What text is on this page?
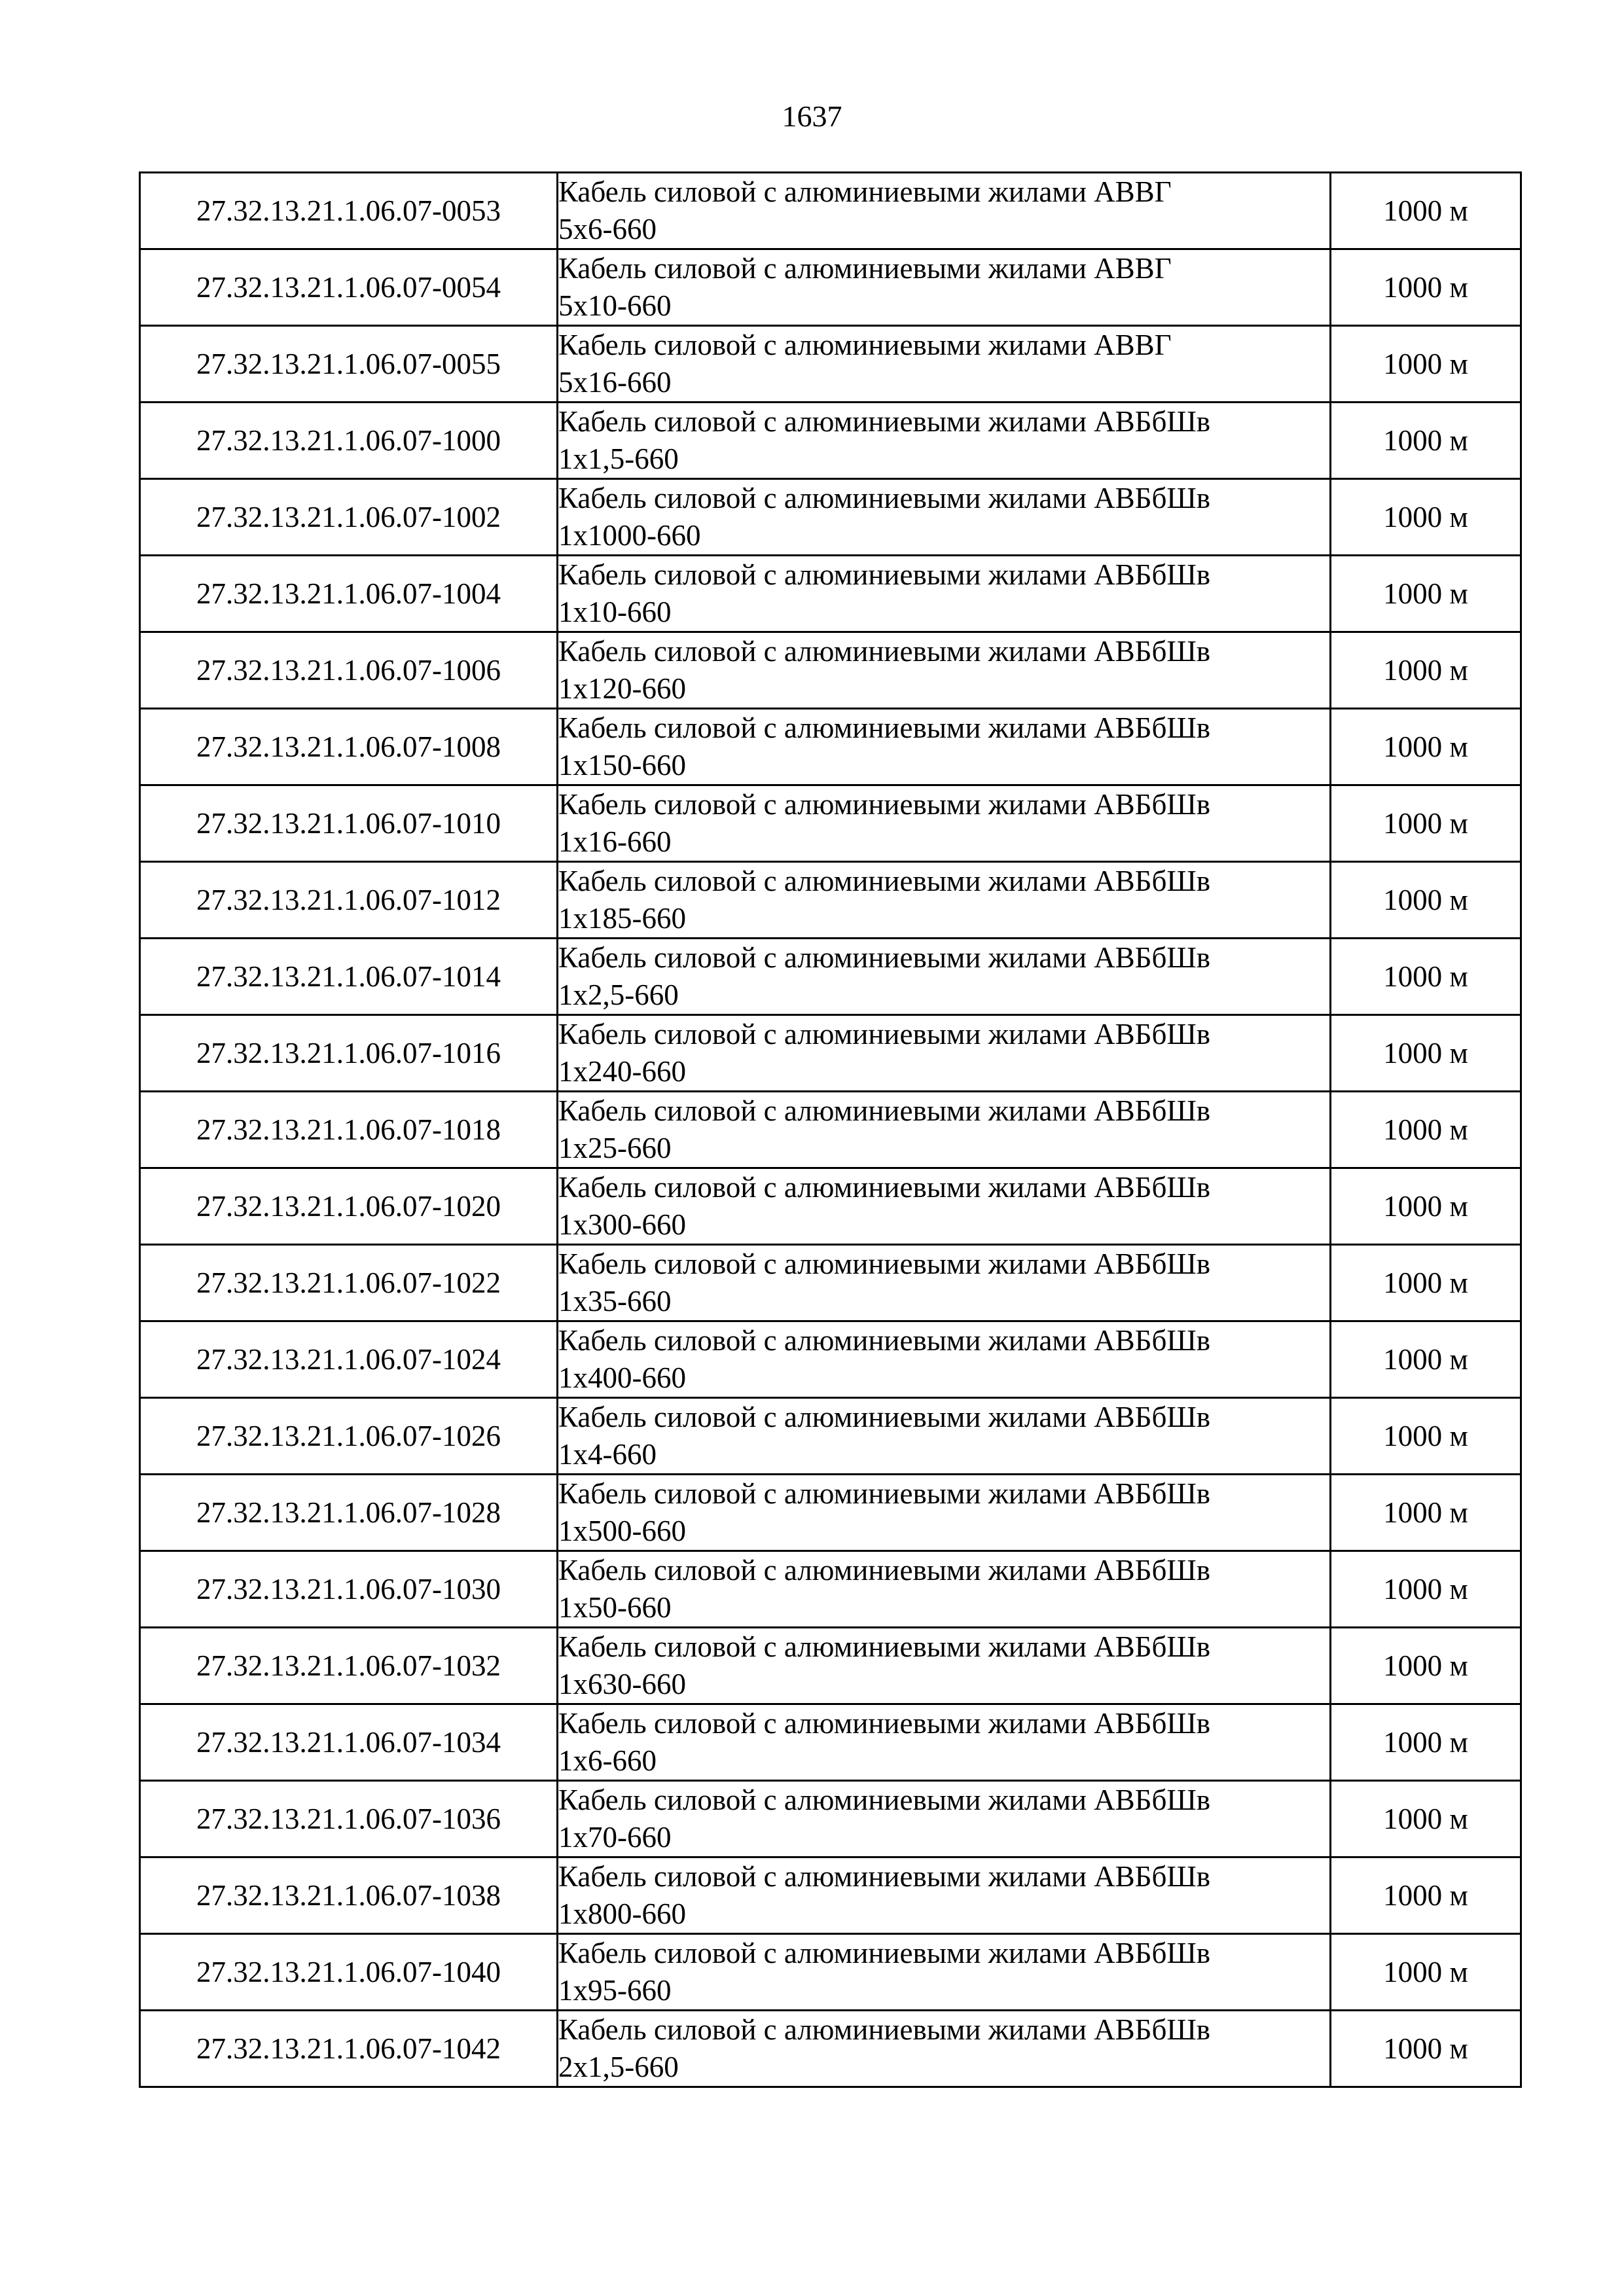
1637
27.32.13.21.1.06.07-0053	Кабель силовой с алюминиевыми жилами АВВГ
5х6-660	1000 м
27.32.13.21.1.06.07-0054	Кабель силовой с алюминиевыми жилами АВВГ
5х10-660	1000 м
27.32.13.21.1.06.07-0055	Кабель силовой с алюминиевыми жилами АВВГ
5х16-660	1000 м
27.32.13.21.1.06.07-1000	Кабель силовой с алюминиевыми жилами АВБбШв
1х1,5-660	1000 м
27.32.13.21.1.06.07-1002	Кабель силовой с алюминиевыми жилами АВБбШв
1х1000-660	1000 м
27.32.13.21.1.06.07-1004	Кабель силовой с алюминиевыми жилами АВБбШв
1х10-660	1000 м
27.32.13.21.1.06.07-1006	Кабель силовой с алюминиевыми жилами АВБбШв
1х120-660	1000 м
27.32.13.21.1.06.07-1008	Кабель силовой с алюминиевыми жилами АВБбШв
1х150-660	1000 м
27.32.13.21.1.06.07-1010	Кабель силовой с алюминиевыми жилами АВБбШв
1х16-660	1000 м
27.32.13.21.1.06.07-1012	Кабель силовой с алюминиевыми жилами АВБбШв
1х185-660	1000 м
27.32.13.21.1.06.07-1014	Кабель силовой с алюминиевыми жилами АВБбШв
1х2,5-660	1000 м
27.32.13.21.1.06.07-1016	Кабель силовой с алюминиевыми жилами АВБбШв
1х240-660	1000 м
27.32.13.21.1.06.07-1018	Кабель силовой с алюминиевыми жилами АВБбШв
1х25-660	1000 м
27.32.13.21.1.06.07-1020	Кабель силовой с алюминиевыми жилами АВБбШв
1х300-660	1000 м
27.32.13.21.1.06.07-1022	Кабель силовой с алюминиевыми жилами АВБбШв
1х35-660	1000 м
27.32.13.21.1.06.07-1024	Кабель силовой с алюминиевыми жилами АВБбШв
1х400-660	1000 м
27.32.13.21.1.06.07-1026	Кабель силовой с алюминиевыми жилами АВБбШв
1х4-660	1000 м
27.32.13.21.1.06.07-1028	Кабель силовой с алюминиевыми жилами АВБбШв
1х500-660	1000 м
27.32.13.21.1.06.07-1030	Кабель силовой с алюминиевыми жилами АВБбШв
1х50-660	1000 м
27.32.13.21.1.06.07-1032	Кабель силовой с алюминиевыми жилами АВБбШв
1х630-660	1000 м
27.32.13.21.1.06.07-1034	Кабель силовой с алюминиевыми жилами АВБбШв
1х6-660	1000 м
27.32.13.21.1.06.07-1036	Кабель силовой с алюминиевыми жилами АВБбШв
1х70-660	1000 м
27.32.13.21.1.06.07-1038	Кабель силовой с алюминиевыми жилами АВБбШв
1х800-660	1000 м
27.32.13.21.1.06.07-1040	Кабель силовой с алюминиевыми жилами АВБбШв
1х95-660	1000 м
27.32.13.21.1.06.07-1042	Кабель силовой с алюминиевыми жилами АВБбШв
2х1,5-660	1000 м
